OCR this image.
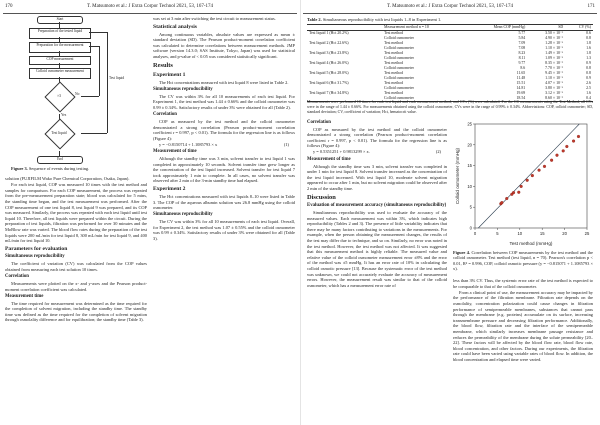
170	T. Matsumoto et al.: J Extra Corpor Technol 2021, 53, 167-174
Start
Preparation of the tested liquid
Preparation for the measurement
COP measurement
Colloid osmometer measurement
×3
Yes
No
Test liquid
End
Test liquid
Figure 3. Sequence of events during testing.

solution (FUJIFILM Wako Pure Chemical Corporation, Osaka, Japan).

For each test liquid, COP was measured 10 times with the test method and samples for comparison. For each COP measurement, the process was repeated from the pre-measurement preparation state; blood was calculated for 5 mins, the standing time began, and the test measurement was performed. After the COP measurement of one test liquid 8, test liquid 9 was prepared, and its COP was measured. Similarly, the process was repeated with each test liquid until test liquid 10. Therefore, all test liquids were prepared within the circuit. During the preparation of test liquids, filtration was performed for over 30 minutes and the MoBlow rate was varied. The blood flow rates during the preparation of the test liquids were 200 mL/min for test liquid 8, 300 mL/min for test liquid 9, and 400 mL/min for test liquid 10.

Parameters for evaluation
Simultaneous reproducibility

The coefficient of variation (CV) was calculated from the COP values obtained from measuring each test solution 10 times.

Correlation

Measurements were plotted on the x- and y-axes and the Pearson product-moment correlation coefficient was calculated.

Measurement time

The time required for measurement was determined as the time required for the completion of solvent migration, including the standby time. The standby time was defined as the time required for the completion of solvent migration through osmolality difference and for equilibration; the standby time (Table 3).

was set at 3 min after switching the test circuit to measurement status.

Statistical analysis

Among continuous variables, absolute values are expressed as mean ± standard deviation (SD). The Pearson product-moment correlation coefficient was calculated to determine correlations between measurement methods. JMP software (version 14.3.0; SAS Institute, Tokyo, Japan) was used for statistical analyses, and p-value of < 0.05 was considered statistically significant.

Results
Experiment 1

The Hct concentrations measured with test liquid 8 were listed in Table 2.

Simultaneous reproducibility

The CV was within 3% for all 10 measurements of each test liquid. For Experiment 1, the test method was 1.44 ± 0.66% and the colloid osmometer was 0.99 ± 0.34%. Satisfactory results of under 3% were obtained for all (Table 2).

Correlation

COP as measured by the test method and the colloid osmometer demonstrated a strong correlation (Pearson product-moment correlation coefficient r = 0.997, p < 0.01). The formula for the regression line is as follows (Figure 4):

y = −0.8150714 + 1.1085793 × x	(1)
Measurement of time

Although the standby time was 3 min, solvent transfer to test liquid 1 was completed in approximately 10 seconds. Solvent transfer time grew longer as the concentration of the test liquid increased. Solvent transfer for test liquid 7 took approximately 1 min to complete. In all cases, no solvent transfer was observed after 2 min of the 3-min standby time had elapsed.

Experiment 2

The Hct concentrations measured with test liquids 8–10 were listed in Table 3. The COP of the aqueous albumin solution was 26.8 mmHg using the colloid osmometer.

Simultaneous reproducibility

The CV was within 3% for all 10 measurements of each test liquid. Overall, for Experiment 2, the test method was 1.07 ± 0.55% and the colloid osmometer was 0.99 ± 0.34%. Satisfactory results of under 3% were obtained for all (Table 3).

T. Matsumoto et al.: J Extra Corpor Technol 2021, 53, 167-174	171
Table 2. Simultaneous reproducibility with test liquids 1–8 in Experiment 1.
	Measurement method n = 10	Mean COP (mmHg)	SD	CV (%)
Test liquid 1 (Hct 20.2%)	Test method	5.77	3.50 × 10⁻²	0.6
	Colloid osmometer	5.84	4.90 × 10⁻²	0.8
Test liquid 2 (Hct 22.6%)	Test method	7.09	1.28 × 10⁻¹	1.8
	Colloid osmometer	7.08	1.10 × 10⁻¹	1.6
Test liquid 3 (Hct 23.8%)	Test method	8.23	1.49 × 10⁻¹	1.8
	Colloid osmometer	8.11	1.09 × 10⁻¹	1.3
Test liquid 4 (Hct 26.0%)	Test method	9.77	8.35 × 10⁻²	0.9
	Colloid osmometer	8.6	7.70 × 10⁻²	0.8
Test liquid 5 (Hct 28.0%)	Test method	11.65	9.45 × 10⁻²	0.8
	Colloid osmometer	11.48	1.10 × 10⁻¹	0.9
Test liquid 6 (Hct 31.7%)	Test method	15.51	4.07 × 10⁻¹	2.6
	Colloid osmometer	14.81	3.80 × 10⁻¹	2.5
Test liquid 7 (Hct 34.8%)	Test method	19.69	3.12 × 10⁻¹	1.6
	Colloid osmometer	18.54	8.60 × 10⁻²	0.4
Measurements were performed 10 times for each test liquid and each measurement method, and CVs (%) were calculated. For the CC measurements using the Test Method, all CVs were in the range of 1.44 ± 0.66%. For measurements obtained using the colloid osmometer, CVs were in the range of 0.99% ± 0.34%. Abbreviations: COP, colloid osmometer; SD, standard deviation; CV, coefficient of variation; Hct, hematocrit value.
Correlation

COP as measured by the test method and the colloid osmometer demonstrated a strong correlation (Pearson product-moment correlation coefficient r = 0.997, p < 0.01). The formula for the regression line is as follows (Figure 4):

y = 0.5351251 + 0.9813299 × x.	(2)
Measurement of time

Although the standby time was 3 min, solvent transfer was completed in under 1 min for test liquid 8. Solvent transfer increased as the concentration of the test liquid increased. With test liquid 10, moderate solvent migration appeared to occur after 1 min, but no solvent migration could be observed after 2 min of the standby time.

Discussion
Evaluation of measurement accuracy (simultaneous reproducibility)

Simultaneous reproducibility was used to evaluate the accuracy of the measured values. Each measurement was within 3%, which indicates high reproducibility (Tables 2 and 3). The presence of little variability indicates that there may be many factors contributing to variations in the measurements. For example, when the person obtaining the measurement changes, the results of the test may differ due to technique, and so on. Similarly, no error was noted in the test method. However, the test method was not affected. It was suggested that this measurement method is highly reliable. The measured value and relative value of the colloid osmometer measurement error ±8% and the error of the method was ±5 mmHg. It has an error rate of 10% in calculating the colloid osmotic pressure [13]. Because the systematic error of the test method was unknown, we could not accurately evaluate the accuracy of measurement errors. However, the measurement result was similar to that of the colloid osmometer, which has a measurement error rate of

0	5	10	15	20	25
0
5
10
15
20
25
Test method (mmHg)
Colloid osmometer (mmHg)
Figure 4. Correlation between COP measurements by the test method and the colloid osmometer. Test method (test liquid, n = 70). Pearson's correlation p < 0.01, R² = 0.996, COP, colloid osmotic pressure (y = −0.815071 + 1.1085793 × x).

less than 3% CV. Thus, the systemic error rate of the test method is expected to be comparable to that of the colloid osmometer.

From a clinical point of use, the measurement accuracy may be impacted by the performance of the filtration membrane. Filtration rate depends on the osmolality, concentration polarization could cause changes in filtration performance of semipermeable membranes, substances that cannot pass through the membrane (e.g. proteins) accumulate on its surface, increasing transmembrane pressure and decreasing filtration performance. Additionally, the blood flow, filtration rate and the interface of the semipermeable membrane, which similarly increases membrane passage resistance and reduces the permeability of the membrane during the solute permeability [20–22]. These factors will be affected by the blood flow rate, blood flow rate, blood concentration, and other factors. During our experiments, the filtration rate could have been varied using variable rates of blood flow. In addition, the blood concentration and elapsed time were varied.
